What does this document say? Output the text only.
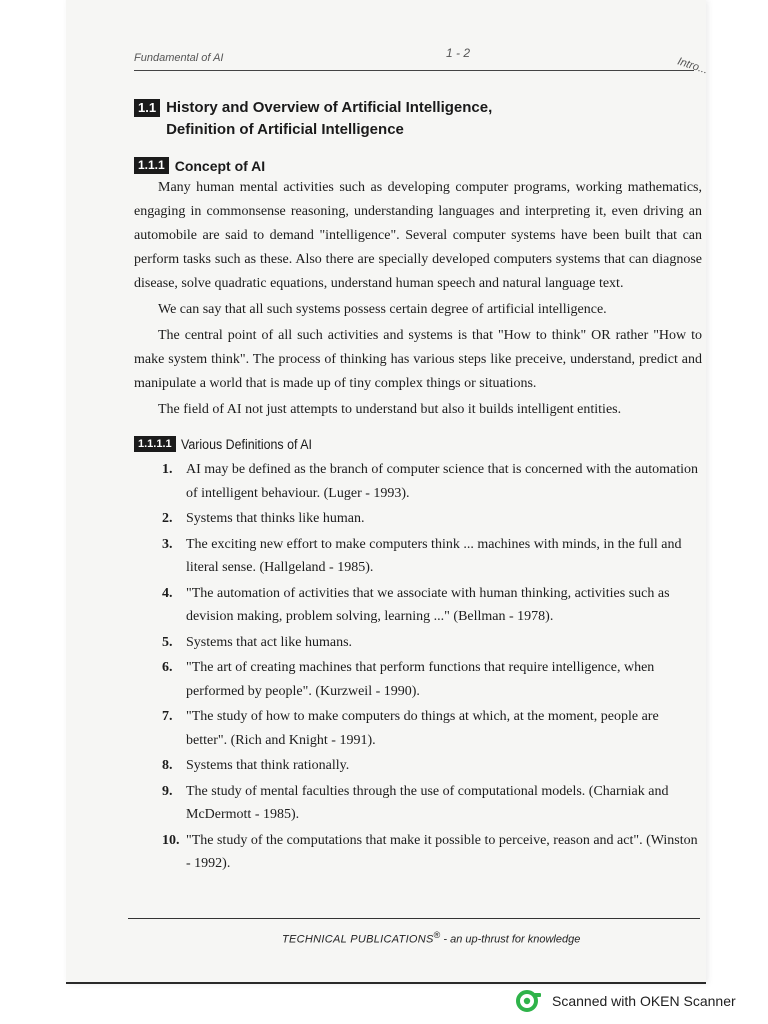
Fundamental of AI	1 - 2
Intro...
1.1 History and Overview of Artificial Intelligence,
Definition of Artificial Intelligence
1.1.1 Concept of AI

Many human mental activities such as developing computer programs, working mathematics, engaging in commonsense reasoning, understanding languages and interpreting it, even driving an automobile are said to demand "intelligence". Several computer systems have been built that can perform tasks such as these. Also there are specially developed computers systems that can diagnose disease, solve quadratic equations, understand human speech and natural language text.

We can say that all such systems possess certain degree of artificial intelligence.

The central point of all such activities and systems is that "How to think" OR rather "How to make system think". The process of thinking has various steps like preceive, understand, predict and manipulate a world that is made up of tiny complex things or situations.

The field of AI not just attempts to understand but also it builds intelligent entities.

1.1.1.1 Various Definitions of AI
1. AI may be defined as the branch of computer science that is concerned with the automation of intelligent behaviour. (Luger - 1993).
2. Systems that thinks like human.
3. The exciting new effort to make computers think ... machines with minds, in the full and literal sense. (Hallgeland - 1985).
4. "The automation of activities that we associate with human thinking, activities such as devision making, problem solving, learning ..." (Bellman - 1978).
5. Systems that act like humans.
6. "The art of creating machines that perform functions that require intelligence, when performed by people". (Kurzweil - 1990).
7. "The study of how to make computers do things at which, at the moment, people are better". (Rich and Knight - 1991).
8. Systems that think rationally.
9. The study of mental faculties through the use of computational models. (Charniak and McDermott - 1985).
10. "The study of the computations that make it possible to perceive, reason and act". (Winston - 1992).
TECHNICAL PUBLICATIONS® - an up-thrust for knowledge
Scanned with OKEN Scanner
